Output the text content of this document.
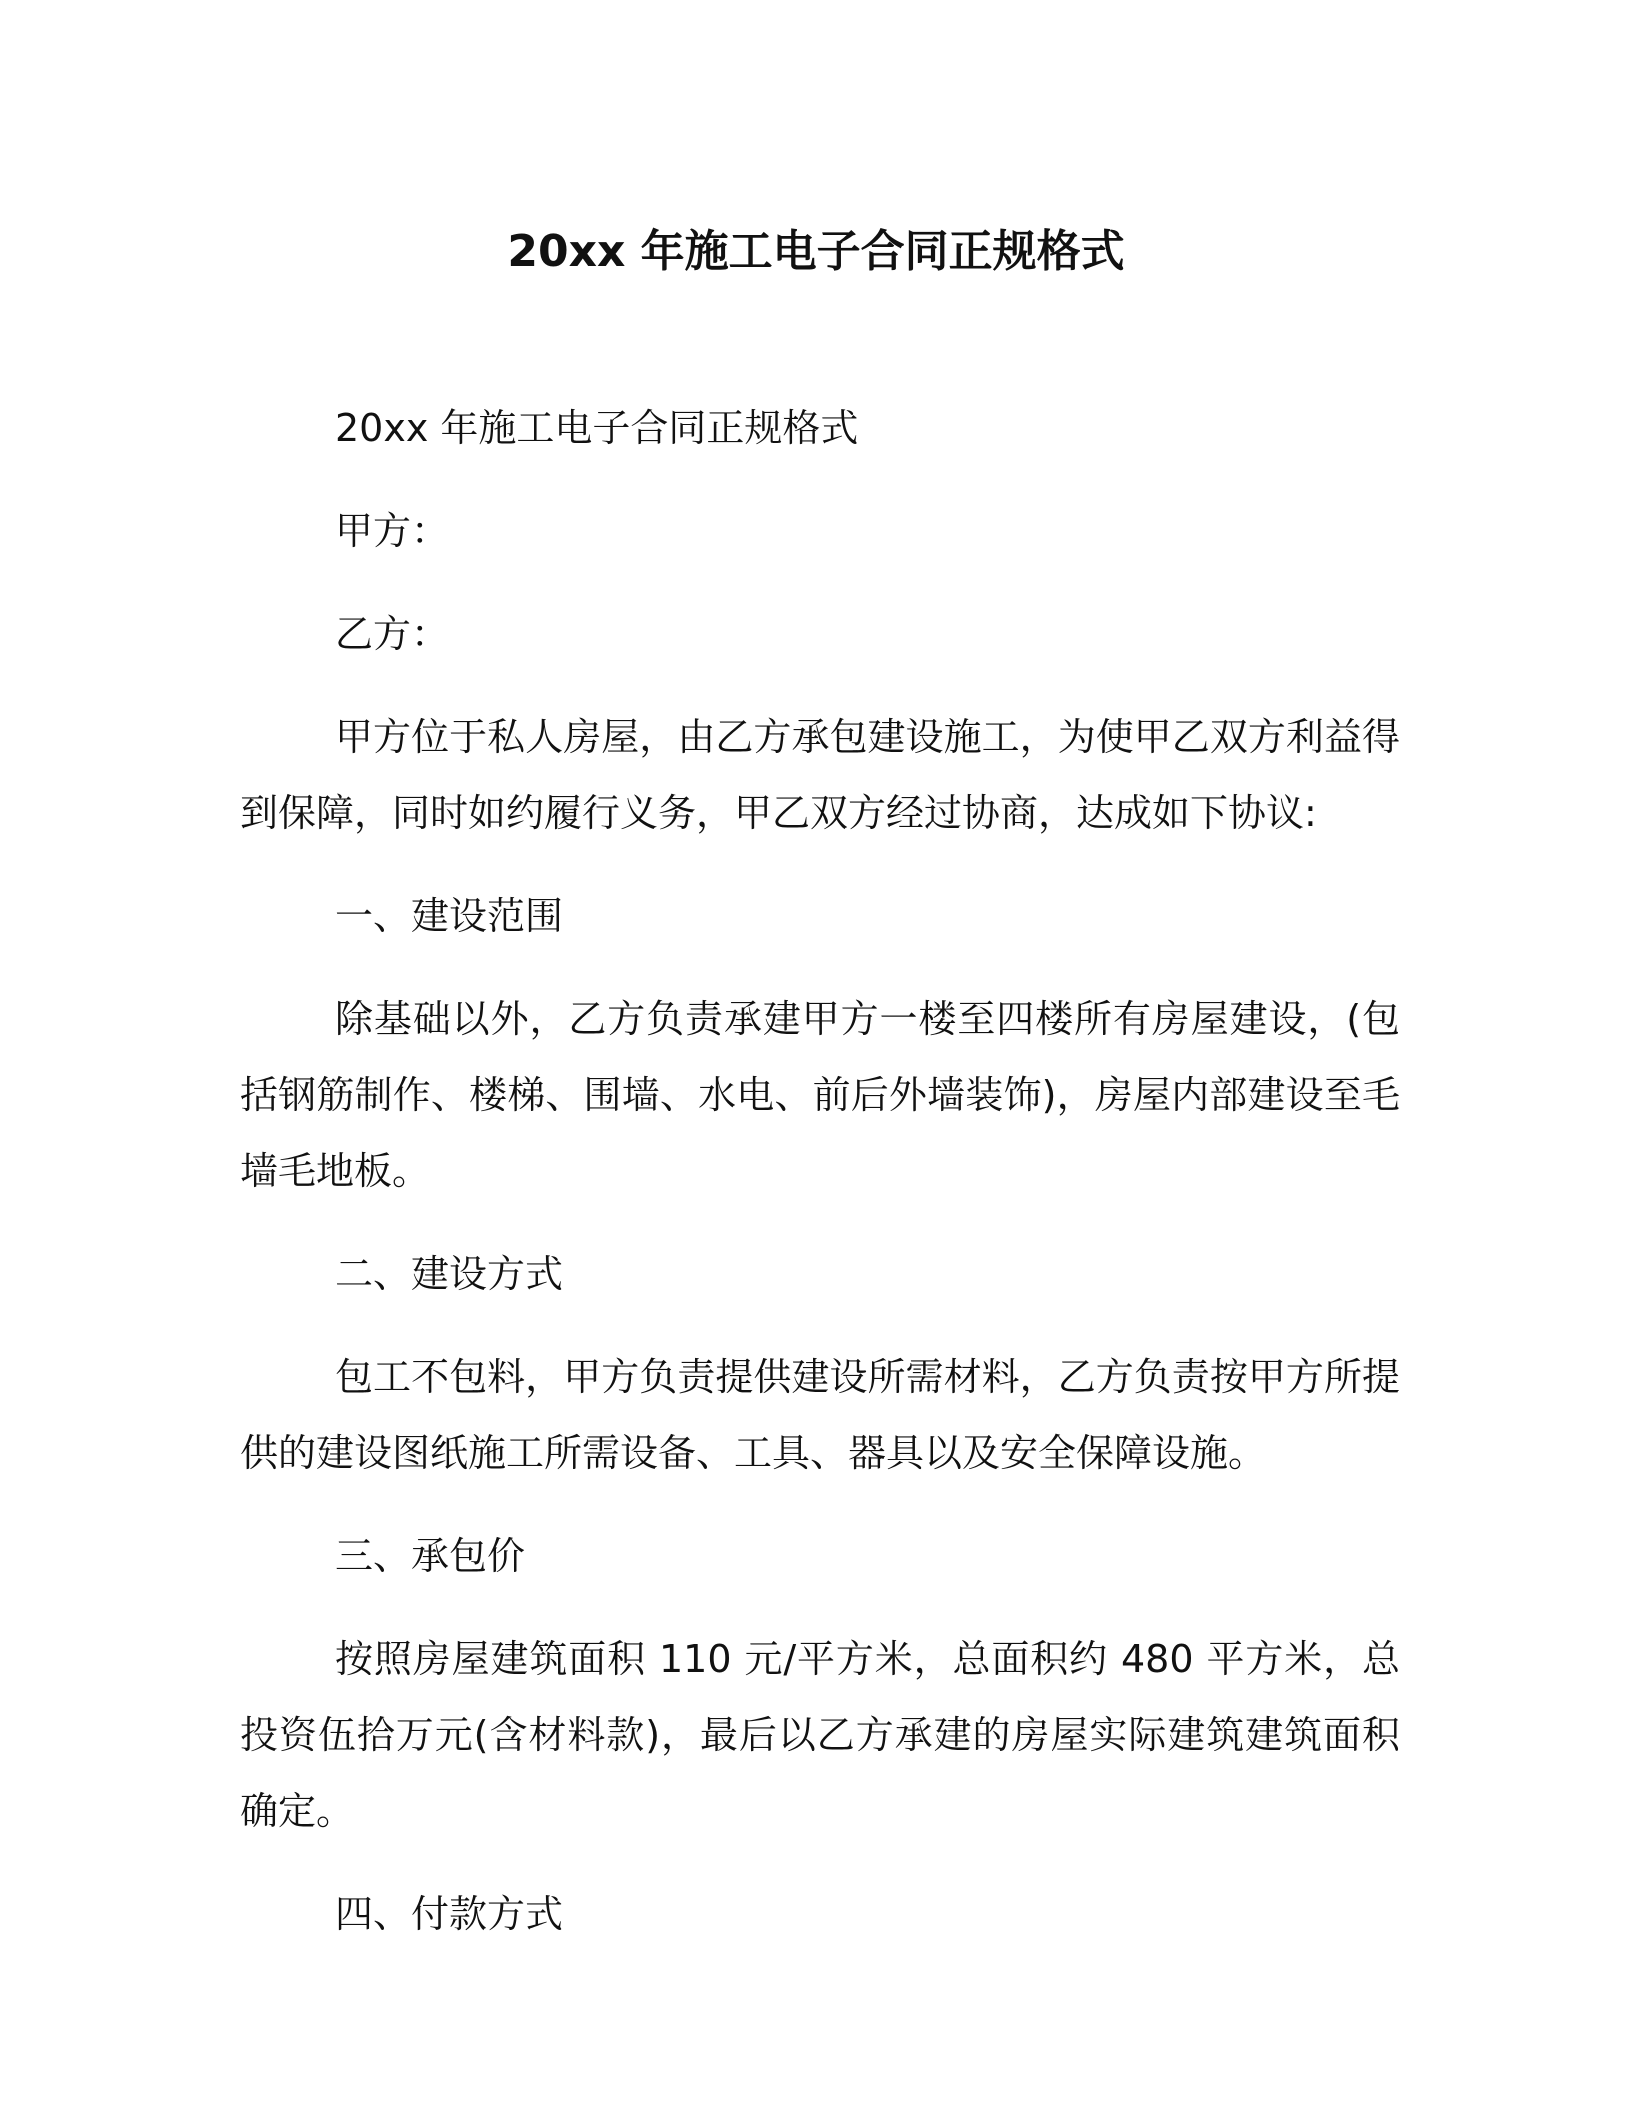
20xx 年施工电子合同正规格式

20xx 年施工电子合同正规格式

甲方：

乙方：

甲方位于私人房屋，由乙方承包建设施工，为使甲乙双方利益得到保障，同时如约履行义务，甲乙双方经过协商，达成如下协议:

一、建设范围

除基础以外，乙方负责承建甲方一楼至四楼所有房屋建设，(包括钢筋制作、楼梯、围墙、水电、前后外墙装饰)，房屋内部建设至毛墙毛地板。

二、建设方式

包工不包料，甲方负责提供建设所需材料，乙方负责按甲方所提供的建设图纸施工所需设备、工具、器具以及安全保障设施。

三、承包价

按照房屋建筑面积 110 元/平方米，总面积约 480 平方米，总投资伍拾万元(含材料款)，最后以乙方承建的房屋实际建筑建筑面积确定。

四、付款方式
